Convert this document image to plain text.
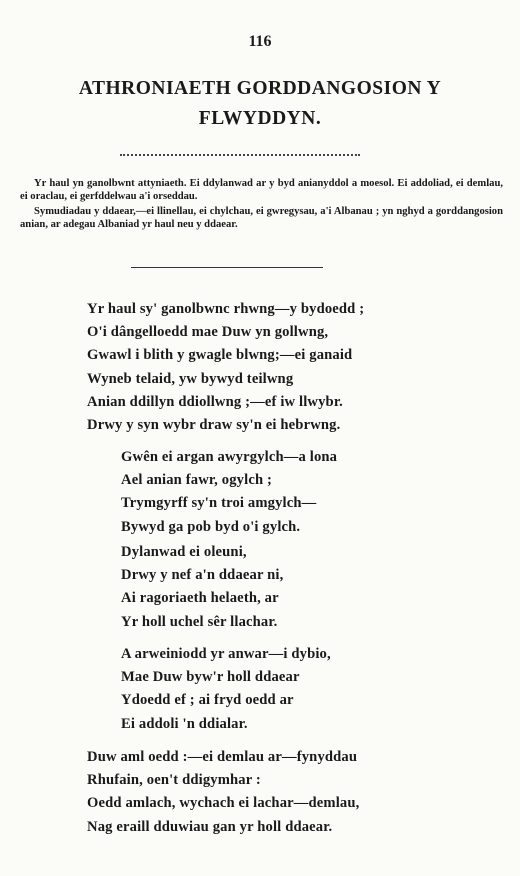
116
ATHRONIAETH GORDDANGOSION Y
FLWYDDYN.

Yr haul yn ganolbwnt attyniaeth. Ei ddylanwad ar y byd anianyddol a moesol. Ei addoliad, ei demlau, ei oraclau, ei gerfddelwau a'i orseddau.

Symudiadau y ddaear,—ei llinellau, ei chylchau, ei gwregysau, a'i Albanau ; yn nghyd a gorddangosion anian, ar adegau Albaniad yr haul neu y ddaear.

Yr haul sy' ganolbwnc rhwng—y bydoedd ;
O'i dângelloedd mae Duw yn gollwng,
Gwawl i blith y gwagle blwng;—ei ganaid
Wyneb telaid, yw bywyd teilwng
Anian ddillyn ddiollwng ;—ef iw llwybr.
Drwy y syn wybr draw sy'n ei hebrwng.
Gwên ei argan awyrgylch—a lona
Ael anian fawr, ogylch ;
Trymgyrff sy'n troi amgylch—
Bywyd ga pob byd o'i gylch.
Dylanwad ei oleuni,
Drwy y nef a'n ddaear ni,
Ai ragoriaeth helaeth, ar
Yr holl uchel sêr llachar.
A arweiniodd yr anwar—i dybio,
Mae Duw byw'r holl ddaear
Ydoedd ef ; ai fryd oedd ar
Ei addoli 'n ddialar.
Duw aml oedd :—ei demlau ar—fynyddau
Rhufain, oen't ddigymhar :
Oedd amlach, wychach ei lachar—demlau,
Nag eraill dduwiau gan yr holl ddaear.
